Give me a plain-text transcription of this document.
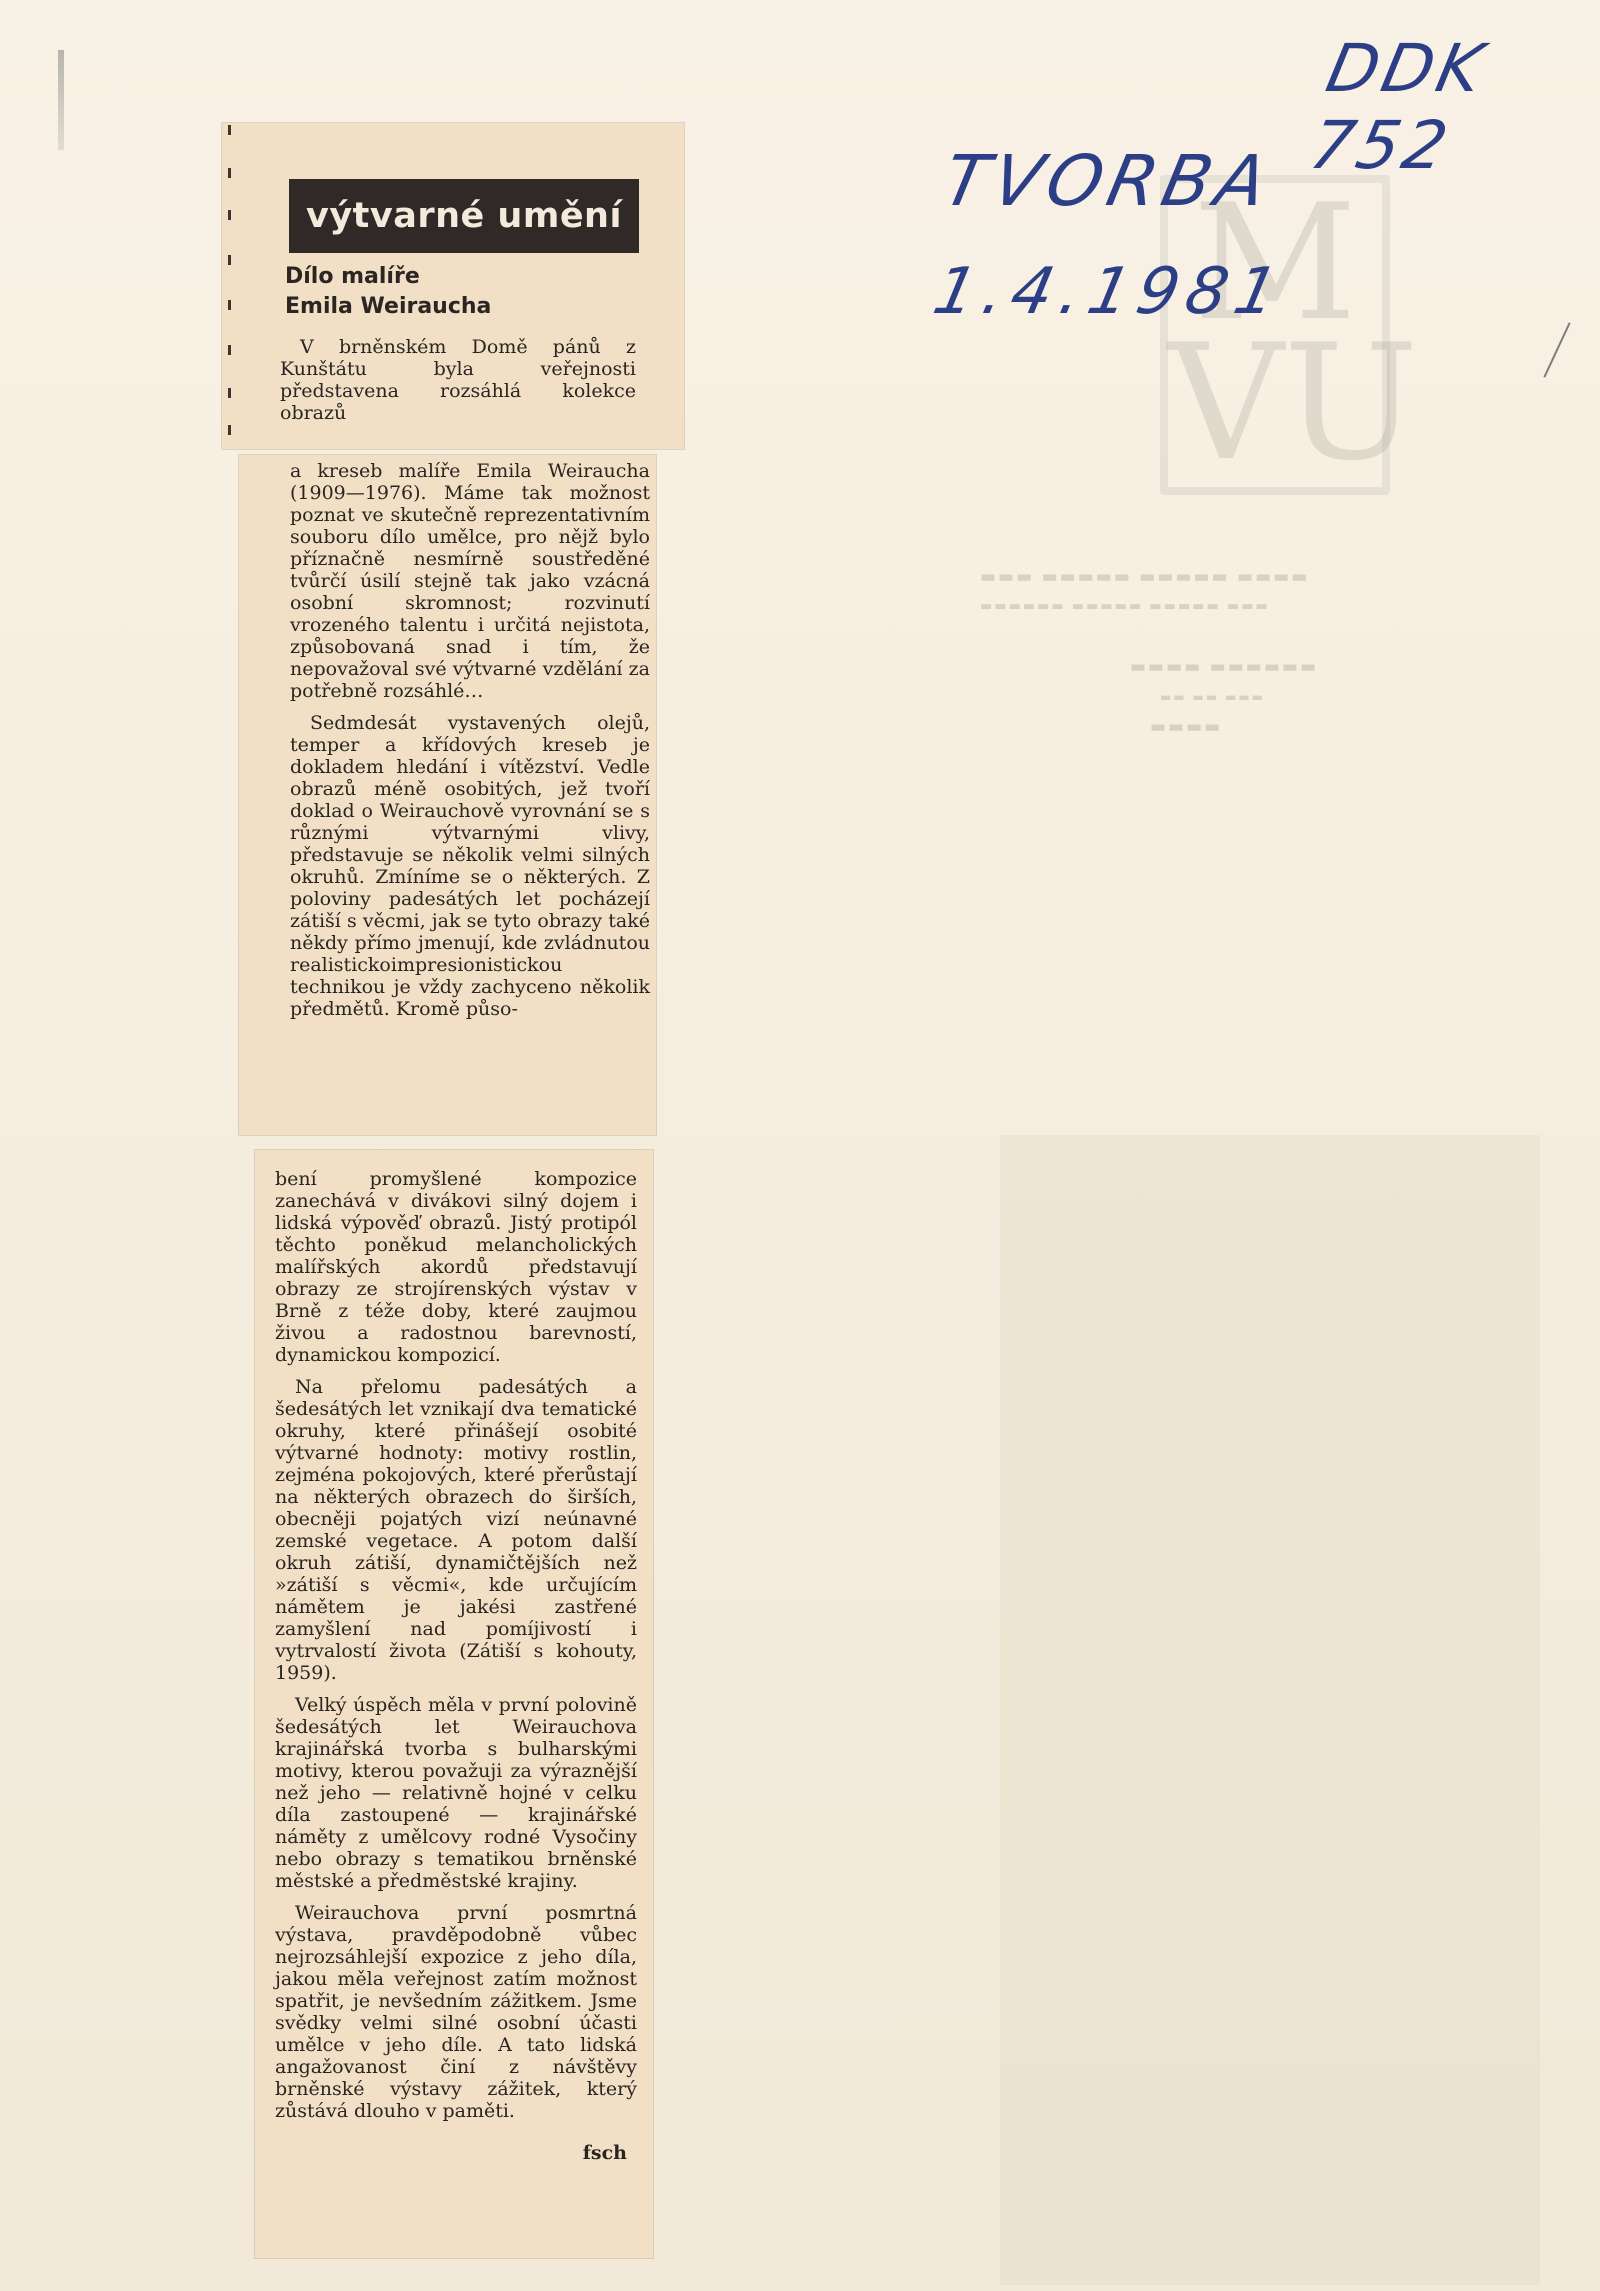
M
VU
▬▬▬ ▬▬▬▬▬ ▬▬▬▬▬ ▬▬▬▬
▬▬▬▬▬▬ ▬▬▬▬▬ ▬▬▬▬▬ ▬▬▬
▬▬▬▬ ▬▬▬▬▬▬
▬▬ ▬▬ ▬▬▬
▬▬▬▬
DDK 752
TVORBA
1.4.1981
výtvarné umění
Dílo malíře
Emila Weiraucha

V brněnském Domě pánů z Kunštátu byla veřejnosti představena rozsáhlá kolekce obrazů

a kreseb malíře Emila Weiraucha (1909—1976). Máme tak možnost poznat ve skutečně reprezentativním souboru dílo umělce, pro nějž bylo příznačně nesmírně soustředěné tvůrčí úsilí stejně tak jako vzácná osobní skromnost; rozvinutí vrozeného talentu i určitá nejistota, způsobovaná snad i tím, že nepovažoval své výtvarné vzdělání za potřebně rozsáhlé…

Sedmdesát vystavených olejů, temper a křídových kreseb je dokladem hledání i vítězství. Vedle obrazů méně osobitých, jež tvoří doklad o Weirauchově vyrovnání se s různými výtvarnými vlivy, představuje se několik velmi silných okruhů. Zmíníme se o některých. Z poloviny padesátých let pocházejí zátiší s věcmi, jak se tyto obrazy také někdy přímo jmenují, kde zvládnutou realistickoimpresionistickou technikou je vždy zachyceno několik předmětů. Kromě půso-

bení promyšlené kompozice zanechává v divákovi silný dojem i lidská výpověď obrazů. Jistý protipól těchto poněkud melancholických malířských akordů představují obrazy ze strojírenských výstav v Brně z téže doby, které zaujmou živou a radostnou barevností, dynamickou kompozicí.

Na přelomu padesátých a šedesátých let vznikají dva tematické okruhy, které přinášejí osobité výtvarné hodnoty: motivy rostlin, zejména pokojových, které přerůstají na některých obrazech do širších, obecněji pojatých vizí neúnavné zemské vegetace. A potom další okruh zátiší, dynamičtějších než »zátiší s věcmi«, kde určujícím námětem je jakési zastřené zamyšlení nad pomíjivostí i vytrvalostí života (Zátiší s kohouty, 1959).

Velký úspěch měla v první polovině šedesátých let Weirauchova krajinářská tvorba s bulharskými motivy, kterou považuji za výraznější než jeho — relativně hojné v celku díla zastoupené — krajinářské náměty z umělcovy rodné Vysočiny nebo obrazy s tematikou brněnské městské a předměstské krajiny.

Weirauchova první posmrtná výstava, pravděpodobně vůbec nejrozsáhlejší expozice z jeho díla, jakou měla veřejnost zatím možnost spatřit, je nevšedním zážitkem. Jsme svědky velmi silné osobní účasti umělce v jeho díle. A tato lidská angažovanost činí z návštěvy brněnské výstavy zážitek, který zůstává dlouho v paměti.

fsch
